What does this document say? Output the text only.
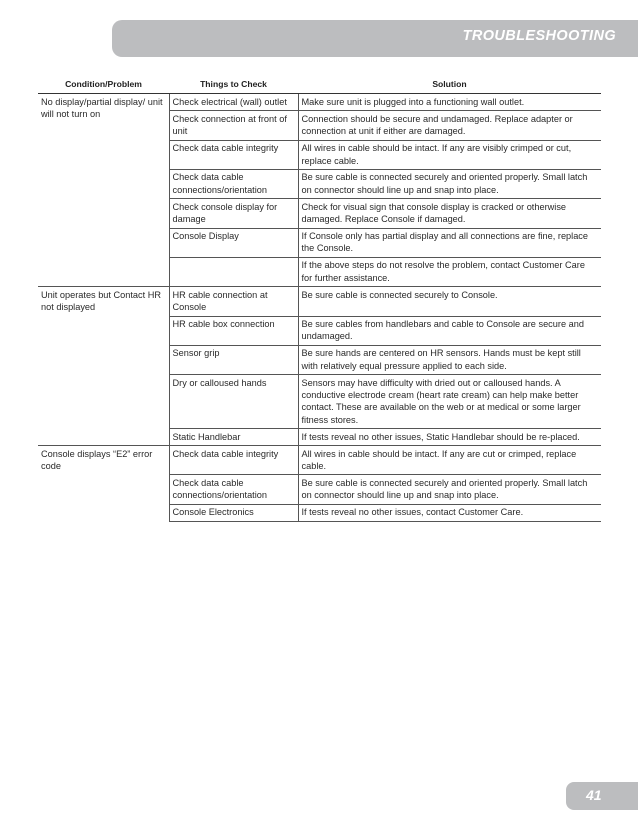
TROUBLESHOOTING
Condition/Problem	Things to Check	Solution
No display/partial display/ unit will not turn on	Check electrical (wall) outlet	Make sure unit is plugged into a functioning wall outlet.
	Check connection at front of unit	Connection should be secure and undamaged. Replace adapter or connection at unit if either are damaged.
	Check data cable integrity	All wires in cable should be intact. If any are visibly crimped or cut, replace cable.
	Check data cable connections/orientation	Be sure cable is connected securely and oriented properly. Small latch on connector should line up and snap into place.
	Check console display for damage	Check for visual sign that console display is cracked or otherwise damaged. Replace Console if damaged.
	Console Display	If Console only has partial display and all connections are fine, replace the Console.
		If the above steps do not resolve the problem, contact Customer Care for further assistance.
Unit operates but Contact HR not displayed	HR cable connection at Console	Be sure cable is connected securely to Console.
	HR cable box connection	Be sure cables from handlebars and cable to Console are secure and undamaged.
	Sensor grip	Be sure hands are centered on HR sensors. Hands must be kept still with relatively equal pressure applied to each side.
	Dry or calloused hands	Sensors may have difficulty with dried out or calloused hands. A conductive electrode cream (heart rate cream) can help make better contact. These are available on the web or at medical or some larger fitness stores.
	Static Handlebar	If tests reveal no other issues, Static Handlebar should be re-placed.
Console displays “E2” error code	Check data cable integrity	All wires in cable should be intact. If any are cut or crimped, replace cable.
	Check data cable connections/orientation	Be sure cable is connected securely and oriented properly. Small latch on connector should line up and snap into place.
	Console Electronics	If tests reveal no other issues, contact Customer Care.
41
